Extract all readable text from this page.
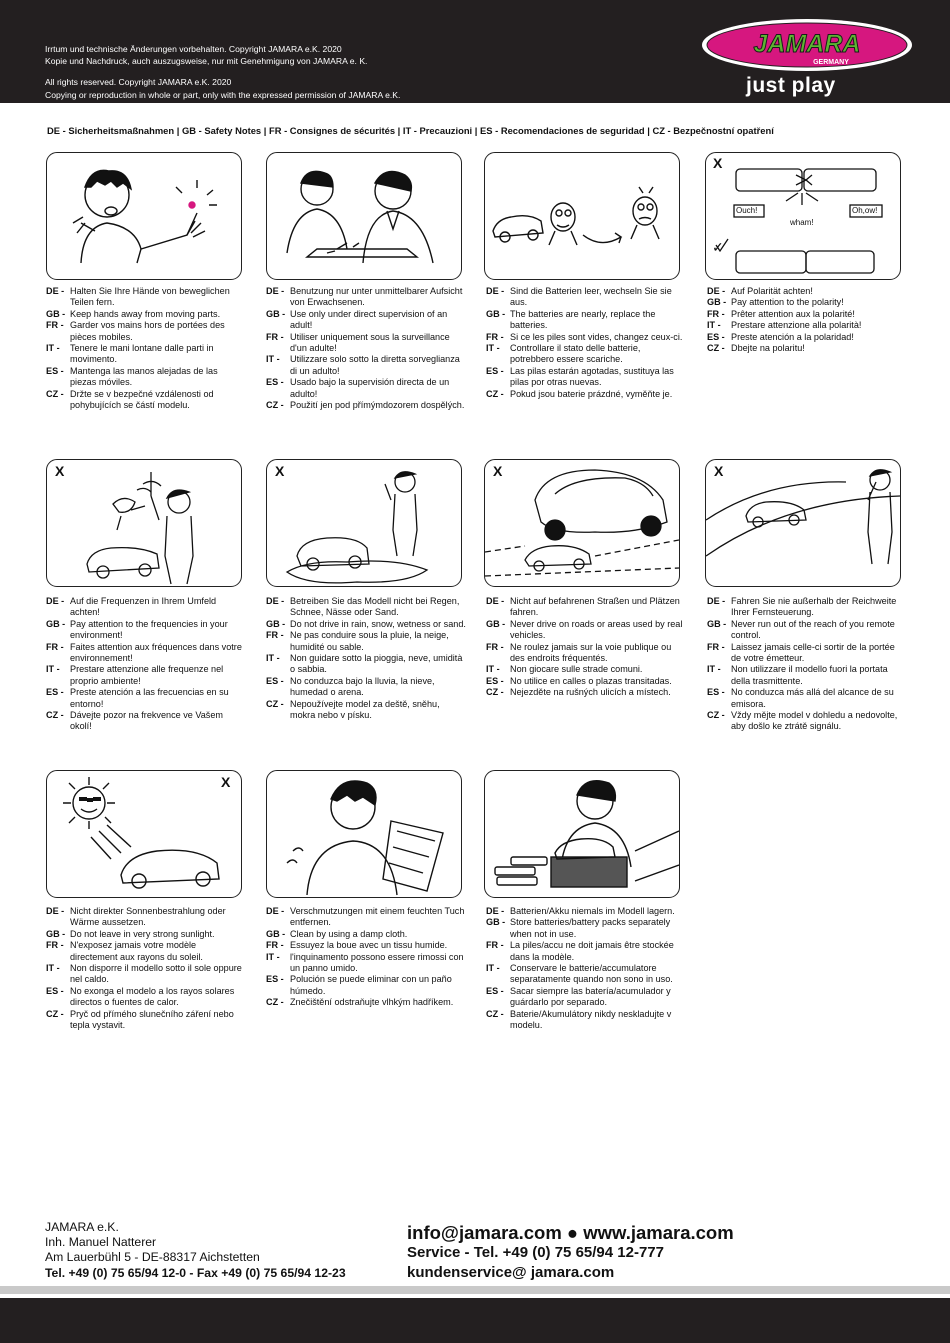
Irrtum und technische Änderungen vorbehalten. Copyright JAMARA e.K. 2020
Kopie und Nachdruck, auch auszugsweise, nur mit Genehmigung von JAMARA e. K.
All rights reserved. Copyright JAMARA e.K. 2020
Copying or reproduction in whole or part, only with the expressed permission of JAMARA e.K.
JAMARA
GERMANY
just play
DE - Sicherheitsmaßnahmen | GB - Safety Notes | FR - Consignes de sécurités | IT - Precauzioni | ES - Recomendaciones de seguridad | CZ - Bezpečnostní opatření
X
Ouch!
wham!
Oh,ow!
✓
X	X	X	X
X
DE - Halten Sie Ihre Hände von beweglichen Teilen fern.
GB - Keep hands away from moving parts.
FR - Garder vos mains hors de portées des pièces mobiles.
IT -	Tenere le mani lontane dalle parti in movimento.
ES - Mantenga las manos alejadas de las piezas móviles.
CZ - Držte se v bezpečné vzdálenosti od pohybujících se částí modelu.
DE - Benutzung nur unter unmittelbarer Aufsicht von Erwachsenen.
GB - Use only under direct supervision of an adult!
FR - Utiliser uniquement sous la surveillance d'un adulte!
IT -	Utilizzare solo sotto la diretta sorveglianza di un adulto!
ES - Usado bajo la supervisión directa de un adulto!
CZ - Použití jen pod přímýmdozorem dospělých.
DE - Sind die Batterien leer, wechseln Sie sie aus.
GB - The batteries are nearly, replace the batteries.
FR - Si ce les piles sont vides, changez ceux-ci.
IT -	Controllare il stato delle batterie, potrebbero essere scariche.
ES - Las pilas estarán agotadas, sustituya las pilas por otras nuevas.
CZ - Pokud jsou baterie prázdné, vyměňte je.
DE - Auf Polarität achten!
GB - Pay attention to the polarity!
FR - Prêter attention aux la polarité!
IT -	Prestare attenzione alla polarità!
ES - Preste atención a la polaridad!
CZ - Dbejte na polaritu!
DE - Auf die Frequenzen in Ihrem Umfeld achten!
GB - Pay attention to the frequencies in your environment!
FR - Faites attention aux fréquences dans votre environnement!
IT -	Prestare attenzione alle frequenze nel proprio ambiente!
ES - Preste atención a las frecuencias en su entorno!
CZ - Dávejte pozor na frekvence ve Vašem okolí!
DE - Betreiben Sie das Modell nicht bei Regen, Schnee, Nässe oder Sand.
GB - Do not drive in rain, snow, wetness or sand.
FR - Ne pas conduire sous la pluie, la neige, humidité ou sable.
IT -	Non guidare sotto la pioggia, neve, umidità o sabbia.
ES - No conduzca bajo la lluvia, la nieve, humedad o arena.
CZ - Nepoužívejte model za deště, sněhu, mokra nebo v písku.
DE - Nicht auf befahrenen Straßen und Plätzen fahren.
GB - Never drive on roads or areas used by real vehicles.
FR - Ne roulez jamais sur la voie publique ou des endroits fréquentés.
IT -	Non giocare sulle strade comuni.
ES - No utilice en calles o plazas transitadas.
CZ - Nejezděte na rušných ulicích a místech.
DE - Fahren Sie nie außerhalb der Reichweite Ihrer Fernsteuerung.
GB - Never run out of the reach of you remote control.
FR - Laissez jamais celle-ci sortir de la portée de votre émetteur.
IT -	Non utilizzare il modello fuori la portata della trasmittente.
ES - No conduzca más allá del alcance de su emisora.
CZ - Vždy mějte model v dohledu a nedovolte, aby došlo ke ztrátě signálu.
DE - Nicht direkter Sonnenbestrahlung oder Wärme aussetzen.
GB - Do not leave in very strong sunlight.
FR - N'exposez jamais votre modèle directement aux rayons du soleil.
IT -	Non disporre il modello sotto il sole oppure nel caldo.
ES - No exonga el modelo a los rayos solares directos o fuentes de calor.
CZ - Pryč od přímého slunečního záření nebo tepla vystavit.
DE - Verschmutzungen mit einem feuchten Tuch entfernen.
GB - Clean by using a damp cloth.
FR - Essuyez la boue avec un tissu humide.
IT -	l'inquinamento possono essere rimossi con un panno umido.
ES - Polución se puede eliminar con un paño húmedo.
CZ - Znečištění odstraňujte vlhkým hadříkem.
DE - Batterien/Akku niemals im Modell lagern.
GB - Store batteries/battery packs separately when not in use.
FR - La piles/accu ne doit jamais être stockée dans la modèle.
IT -	Conservare le batterie/accumulatore separatamente quando non sono in uso.
ES - Sacar siempre las batería/acumulador y guárdarlo por separado.
CZ - Baterie/Akumulátory nikdy neskladujte v modelu.
JAMARA e.K.
Inh. Manuel Natterer
Am Lauerbühl 5 - DE-88317 Aichstetten
Tel. +49 (0) 75 65/94 12-0 - Fax +49 (0) 75 65/94 12-23
info@jamara.com ● www.jamara.com
Service - Tel. +49 (0) 75 65/94 12-777
kundenservice@ jamara.com
